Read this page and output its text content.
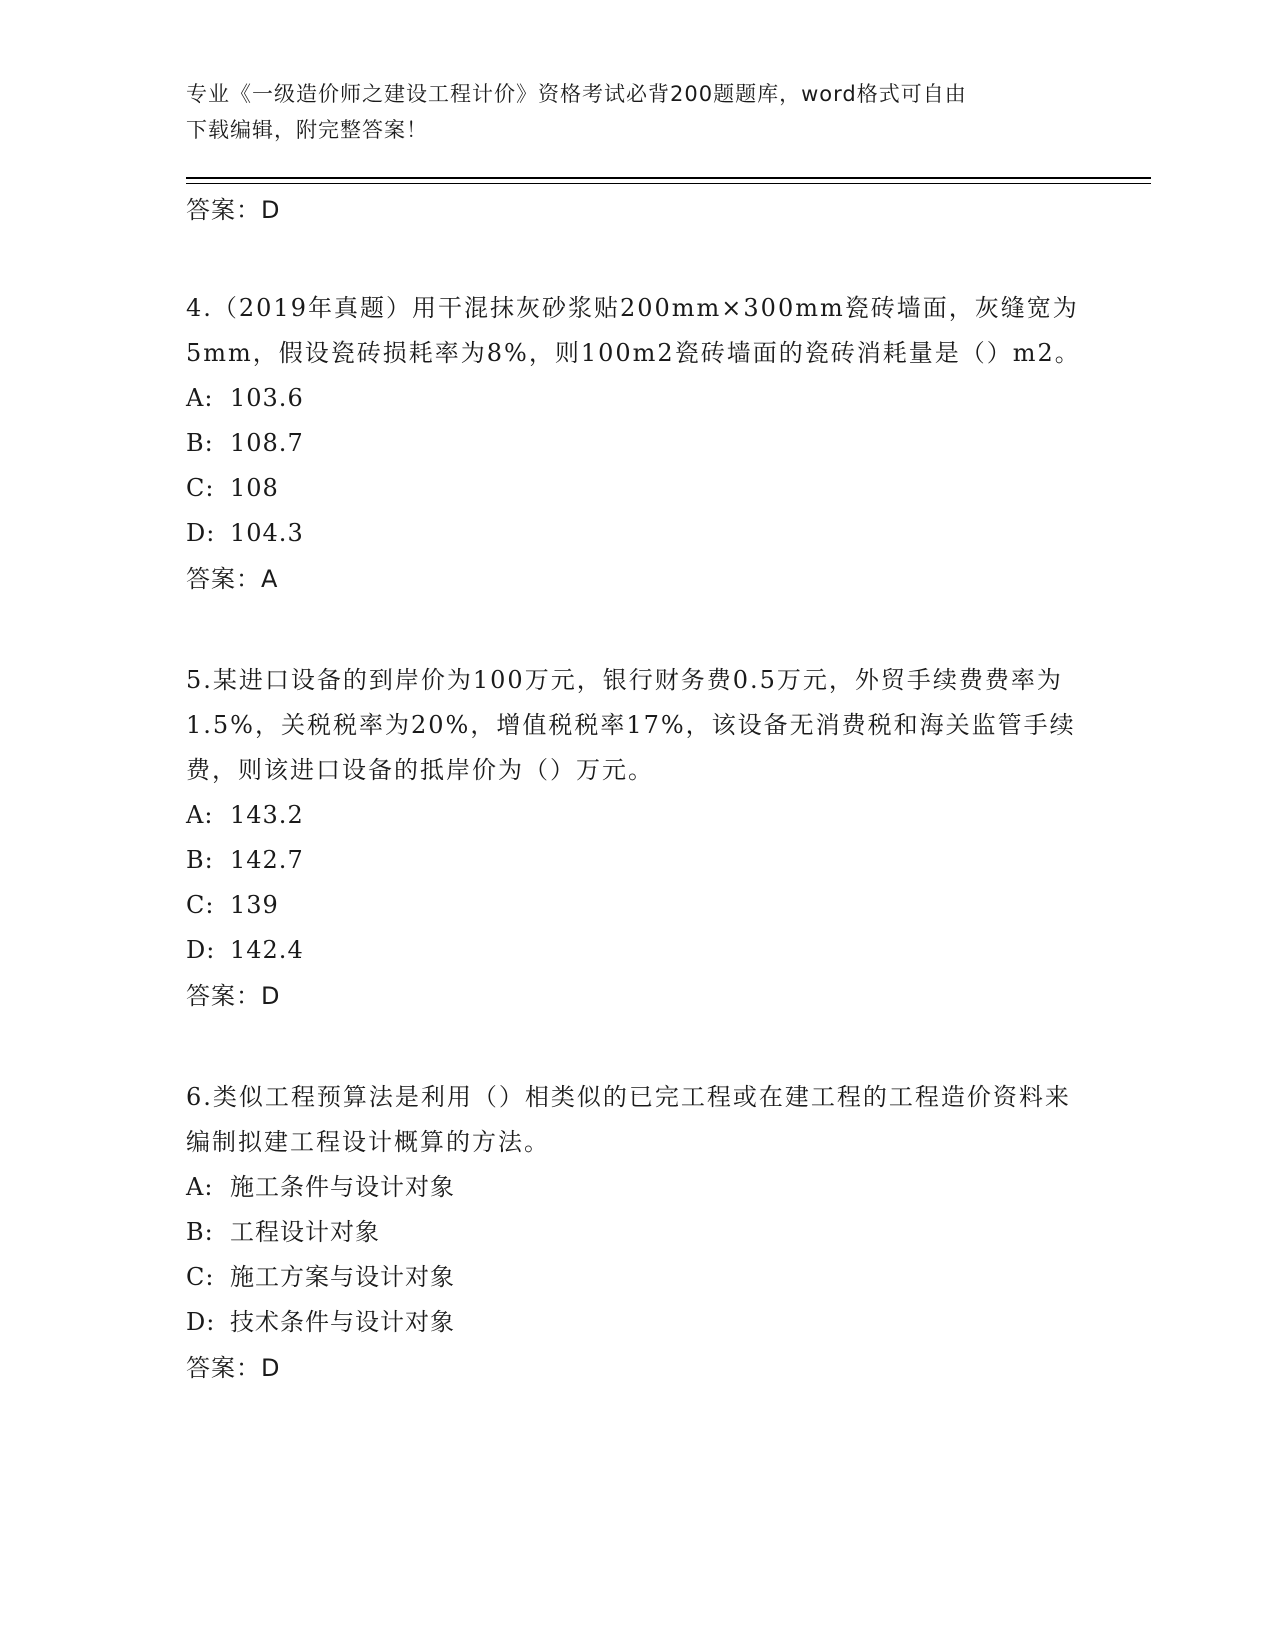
专业《一级造价师之建设工程计价》资格考试必背200题题库，word格式可自由
下载编辑，附完整答案！
答案：D
4.（2019年真题）用干混抹灰砂浆贴200mm×300mm瓷砖墙面，灰缝宽为5mm，假设瓷砖损耗率为8%，则100m2瓷砖墙面的瓷砖消耗量是（）m2。
A: 103.6
B: 108.7
C: 108
D: 104.3
答案：A
5.某进口设备的到岸价为100万元，银行财务费0.5万元，外贸手续费费率为1.5%，关税税率为20%，增值税税率17%，该设备无消费税和海关监管手续费，则该进口设备的抵岸价为（）万元。
A: 143.2
B: 142.7
C: 139
D: 142.4
答案：D
6.类似工程预算法是利用（）相类似的已完工程或在建工程的工程造价资料来编制拟建工程设计概算的方法。
A: 施工条件与设计对象
B: 工程设计对象
C: 施工方案与设计对象
D: 技术条件与设计对象
答案：D
